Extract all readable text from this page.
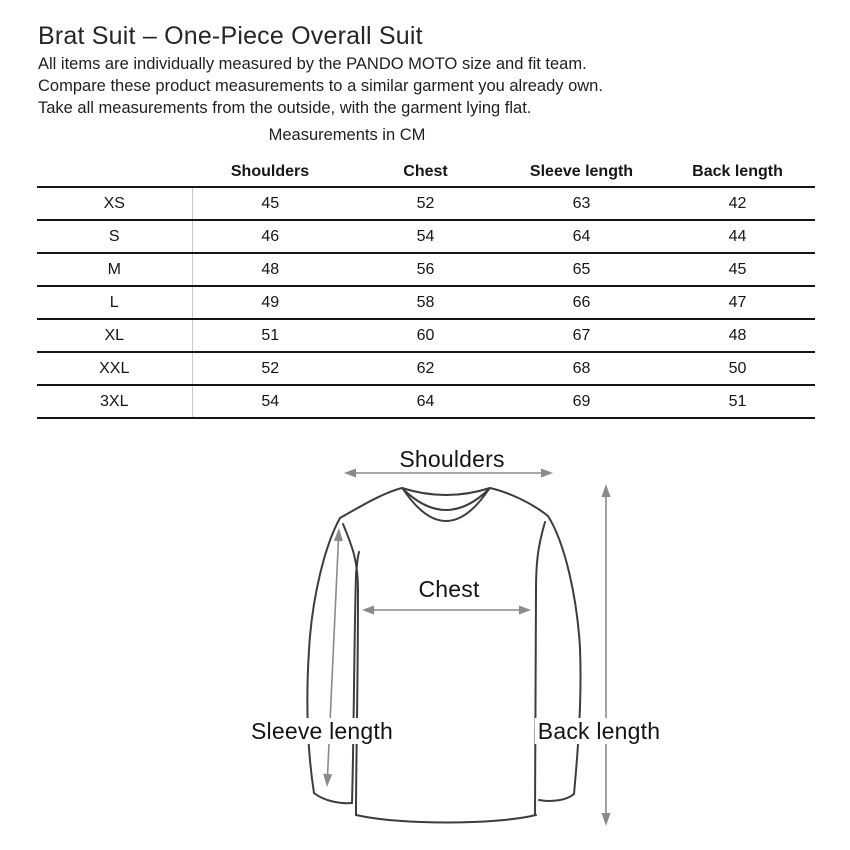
Brat Suit – One-Piece Overall Suit
All items are individually measured by the PANDO MOTO size and fit team.
Compare these product measurements to a similar garment you already own.
Take all measurements from the outside, with the garment lying flat.
Measurements in CM
	Shoulders	Chest	Sleeve length	Back length
XS	45	52	63	42
S	46	54	64	44
M	48	56	65	45
L	49	58	66	47
XL	51	60	67	48
XXL	52	62	68	50
3XL	54	64	69	51
Shoulders
Chest
Sleeve length	Back length
